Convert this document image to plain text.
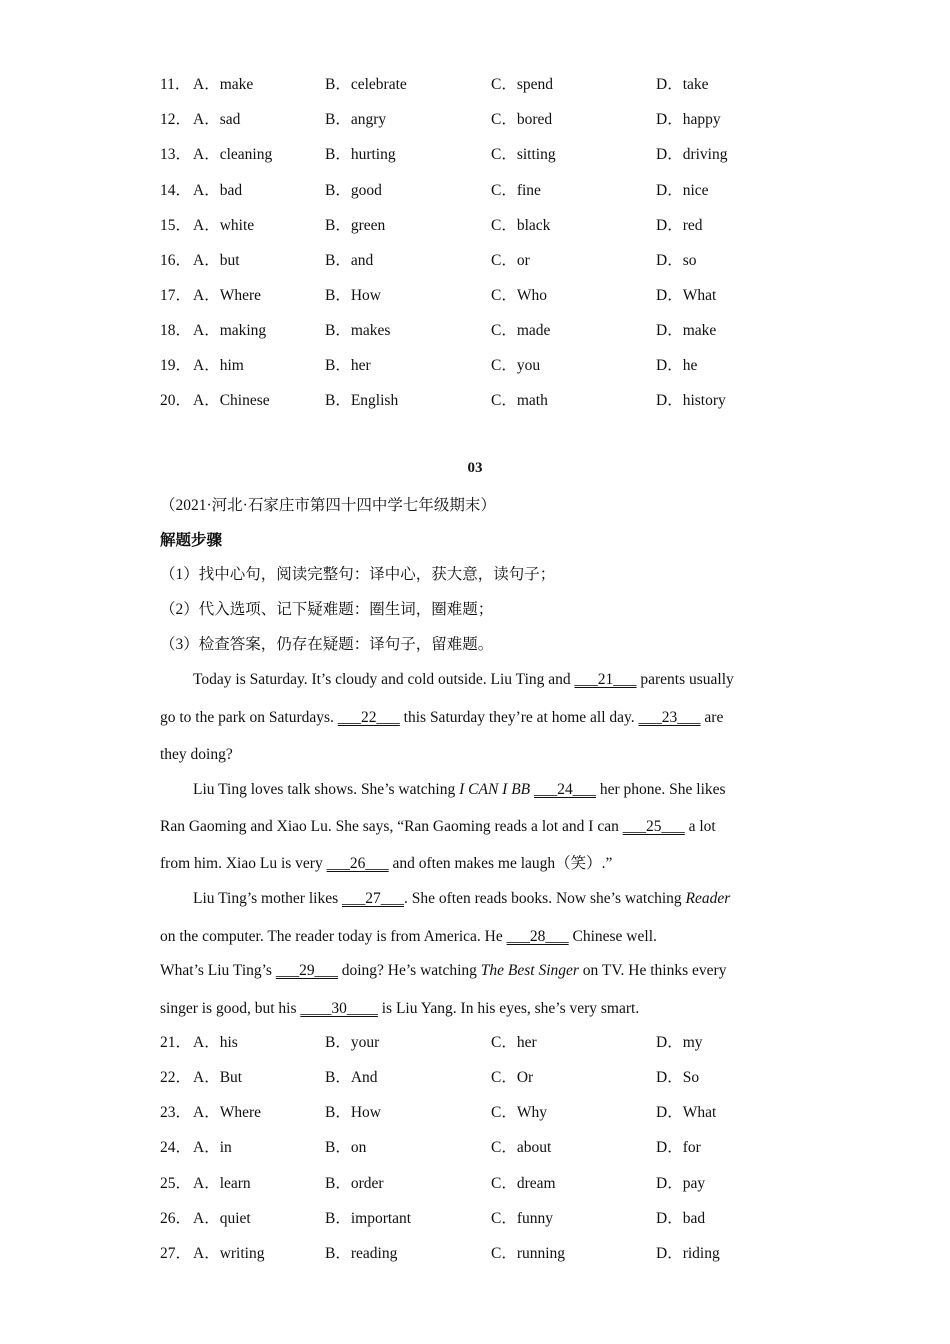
11． A．make	B．celebrate	C．spend	D．take
12． A．sad	B．angry	C．bored	D．happy
13． A．cleaning	B．hurting	C．sitting	D．driving
14． A．bad	B．good	C．fine	D．nice
15． A．white	B．green	C．black	D．red
16． A．but	B．and	C．or	D．so
17． A．Where	B．How	C．Who	D．What
18． A．making	B．makes	C．made	D．make
19． A．him	B．her	C．you	D．he
20． A．Chinese	B．English	C．math	D．history
03
（2021·河北·石家庄市第四十四中学七年级期末）
解题步骤
（1）找中心句，阅读完整句：译中心，获大意，读句子；
（2）代入选项、记下疑难题：圈生词，圈难题；
（3）检查答案，仍存在疑题：译句子，留难题。
Today is Saturday. It’s cloudy and cold outside. Liu Ting and ___21___ parents usually
go to the park on Saturdays. ___22___ this Saturday they’re at home all day. ___23___ are
they doing?
Liu Ting loves talk shows. She’s watching I CAN I BB ___24___ her phone. She likes
Ran Gaoming and Xiao Lu. She says, “Ran Gaoming reads a lot and I can ___25___ a lot
from him. Xiao Lu is very ___26___ and often makes me laugh（笑）.”
Liu Ting’s mother likes ___27___. She often reads books. Now she’s watching Reader
on the computer. The reader today is from America. He ___28___ Chinese well.
What’s Liu Ting’s ___29___ doing? He’s watching The Best Singer on TV. He thinks every
singer is good, but his ____30____ is Liu Yang. In his eyes, she’s very smart.
21． A．his	B．your	C．her	D．my
22． A．But	B．And	C．Or	D．So
23． A．Where	B．How	C．Why	D．What
24． A．in	B．on	C．about	D．for
25． A．learn	B．order	C．dream	D．pay
26． A．quiet	B．important	C．funny	D．bad
27． A．writing	B．reading	C．running	D．riding
